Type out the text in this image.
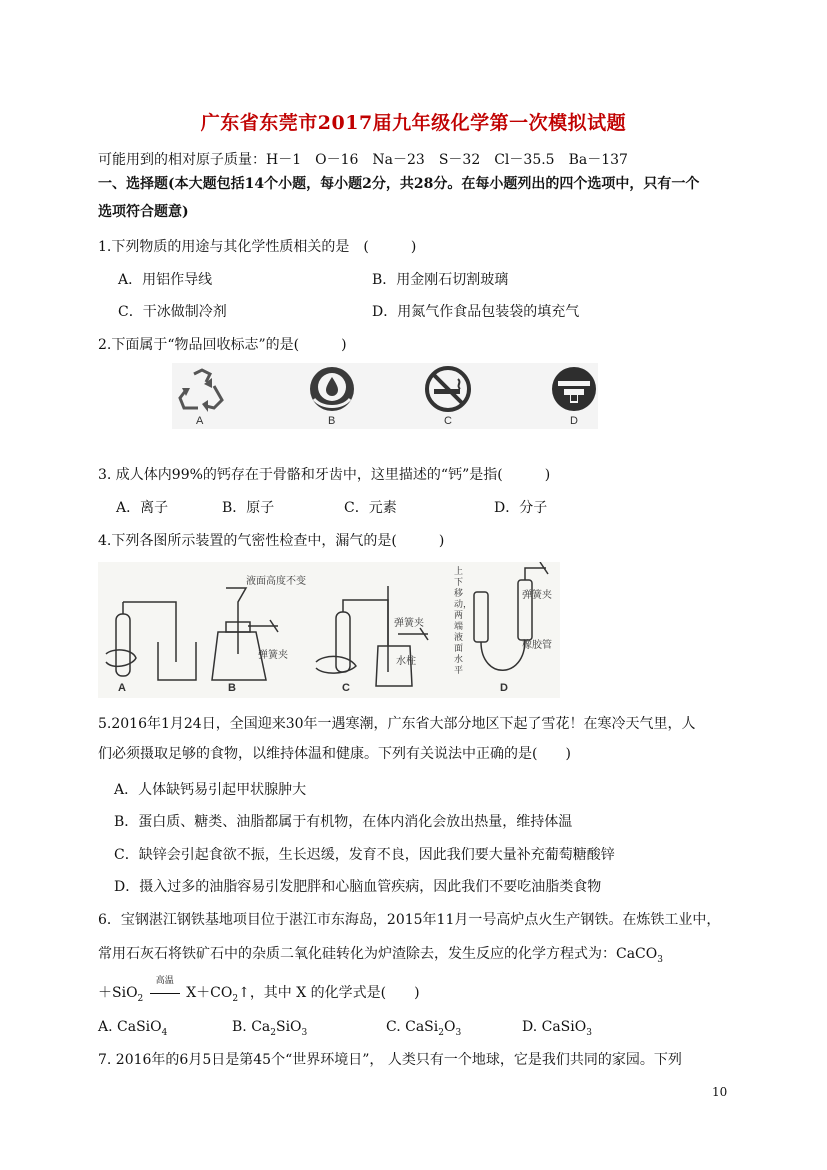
广东省东莞市2017届九年级化学第一次模拟试题
可能用到的相对原子质量：H－1　O－16　Na－23　S－32　Cl－35.5　Ba－137
一、选择题(本大题包括14个小题，每小题2分，共28分。在每小题列出的四个选项中，只有一个
选项符合题意)
1.下列物质的用途与其化学性质相关的是　(　　　)
A．用铝作导线	B．用金刚石切割玻璃
C．干冰做制冷剂	D．用氮气作食品包装袋的填充气
2.下面属于“物品回收标志”的是(　　　)
A	B	C	D
3. 成人体内99%的钙存在于骨骼和牙齿中，这里描述的“钙”是指(　　　)
A．离子	B．原子	C．元素	D．分子
4.下列各图所示装置的气密性检查中，漏气的是(　　　)
A	B	C	D
液面高度不变
弹簧夹
弹簧夹
水柱
上下移动，两端液面水平
弹簧夹
橡胶管
5.2016年1月24日，全国迎来30年一遇寒潮，广东省大部分地区下起了雪花！在寒冷天气里，人
们必须摄取足够的食物，以维持体温和健康。下列有关说法中正确的是(　　)
A．人体缺钙易引起甲状腺肿大
B．蛋白质、糖类、油脂都属于有机物，在体内消化会放出热量，维持体温
C．缺锌会引起食欲不振，生长迟缓，发育不良，因此我们要大量补充葡萄糖酸锌
D．摄入过多的油脂容易引发肥胖和心脑血管疾病，因此我们不要吃油脂类食物
6．宝钢湛江钢铁基地项目位于湛江市东海岛，2015年11月一号高炉点火生产钢铁。在炼铁工业中，
常用石灰石将铁矿石中的杂质二氧化硅转化为炉渣除去，发生反应的化学方程式为：CaCO$_3$
＋SiO$_2$
高温
$X+CO_2↑$，其中 X 的化学式是(　　)
A. CaSiO$_4$	B. $Ca_2SiO_3$	C. $CaSi_2O_3$	D. CaSiO$_3$
7. 2016年的6月5日是第45个“世界环境日”， 人类只有一个地球，它是我们共同的家园。下列
10
